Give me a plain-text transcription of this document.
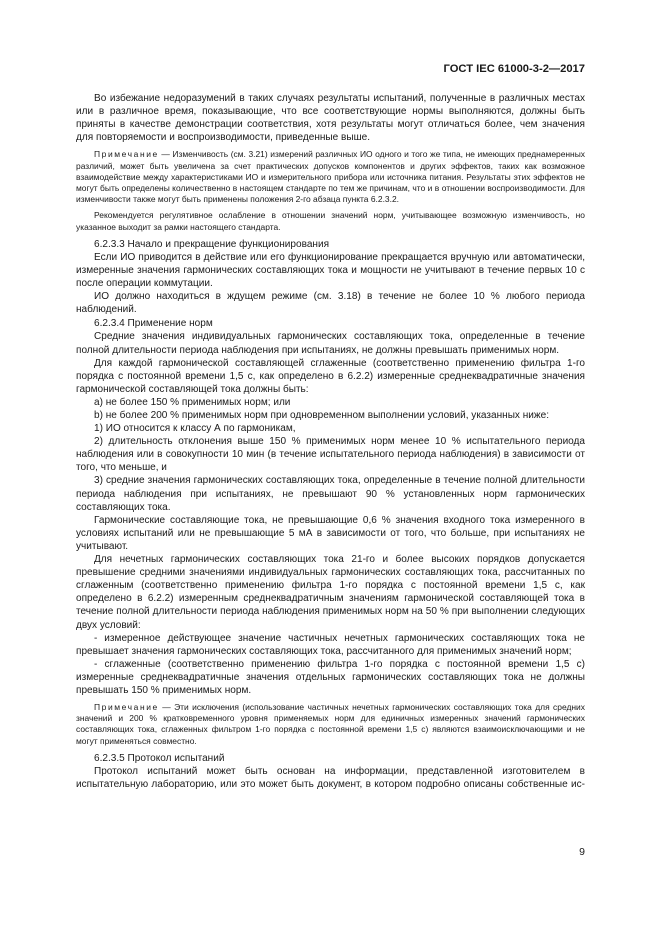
ГОСТ IEC 61000-3-2—2017

Во избежание недоразумений в таких случаях результаты испытаний, полученные в различных местах или в различное время, показывающие, что все соответствующие нормы выполняются, должны быть приняты в качестве демонстрации соответствия, хотя результаты могут отличаться более, чем значения для повторяемости и воспроизводимости, приведенные выше.

Примечание — Изменчивость (см. 3.21) измерений различных ИО одного и того же типа, не имеющих преднамеренных различий, может быть увеличена за счет практических допусков компонентов и других эффектов, таких как возможное взаимодействие между характеристиками ИО и измерительного прибора или источника питания. Результаты этих эффектов не могут быть определены количественно в настоящем стандарте по тем же причинам, что и в отношении воспроизводимости. Для изменчивости также могут быть применены положения 2-го абзаца пункта 6.2.3.2.

Рекомендуется регулятивное ослабление в отношении значений норм, учитывающее возможную изменчивость, но указанное выходит за рамки настоящего стандарта.

6.2.3.3 Начало и прекращение функционирования

Если ИО приводится в действие или его функционирование прекращается вручную или автоматически, измеренные значения гармонических составляющих тока и мощности не учитывают в течение первых 10 с после операции коммутации.

ИО должно находиться в ждущем режиме (см. 3.18) в течение не более 10 % любого периода наблюдений.

6.2.3.4 Применение норм

Средние значения индивидуальных гармонических составляющих тока, определенные в течение полной длительности периода наблюдения при испытаниях, не должны превышать применимых норм.

Для каждой гармонической составляющей сглаженные (соответственно применению фильтра 1-го порядка с постоянной времени 1,5 с, как определено в 6.2.2) измеренные среднеквадратичные значения гармонической составляющей тока должны быть:

a) не более 150 % применимых норм; или

b) не более 200 % применимых норм при одновременном выполнении условий, указанных ниже:

1) ИО относится к классу А по гармоникам,

2) длительность отклонения выше 150 % применимых норм менее 10 % испытательного периода наблюдения или в совокупности 10 мин (в течение испытательного периода наблюдения) в зависимости от того, что меньше, и

3) средние значения гармонических составляющих тока, определенные в течение полной длительности периода наблюдения при испытаниях, не превышают 90 % установленных норм гармонических составляющих тока.

Гармонические составляющие тока, не превышающие 0,6 % значения входного тока измеренного в условиях испытаний или не превышающие 5 мА в зависимости от того, что больше, при испытаниях не учитывают.

Для нечетных гармонических составляющих тока 21-го и более высоких порядков допускается превышение средними значениями индивидуальных гармонических составляющих тока, рассчитанных по сглаженным (соответственно применению фильтра 1-го порядка с постоянной времени 1,5 с, как определено в 6.2.2) измеренным среднеквадратичным значениям гармонической составляющей тока в течение полной длительности периода наблюдения применимых норм на 50 % при выполнении следующих двух условий:

- измеренное действующее значение частичных нечетных гармонических составляющих тока не превышает значения гармонических составляющих тока, рассчитанного для применимых значений норм;

- сглаженные (соответственно применению фильтра 1-го порядка с постоянной времени 1,5 с) измеренные среднеквадратичные значения отдельных гармонических составляющих тока не должны превышать 150 % применимых норм.

Примечание — Эти исключения (использование частичных нечетных гармонических составляющих тока для средних значений и 200 % кратковременного уровня применяемых норм для единичных измеренных значений гармонических составляющих тока, сглаженных фильтром 1-го порядка с постоянной времени 1,5 с) являются взаимоисключающими и не могут применяться совместно.

6.2.3.5 Протокол испытаний

Протокол испытаний может быть основан на информации, представленной изготовителем в испытательную лабораторию, или это может быть документ, в котором подробно описаны собственные ис-

9
